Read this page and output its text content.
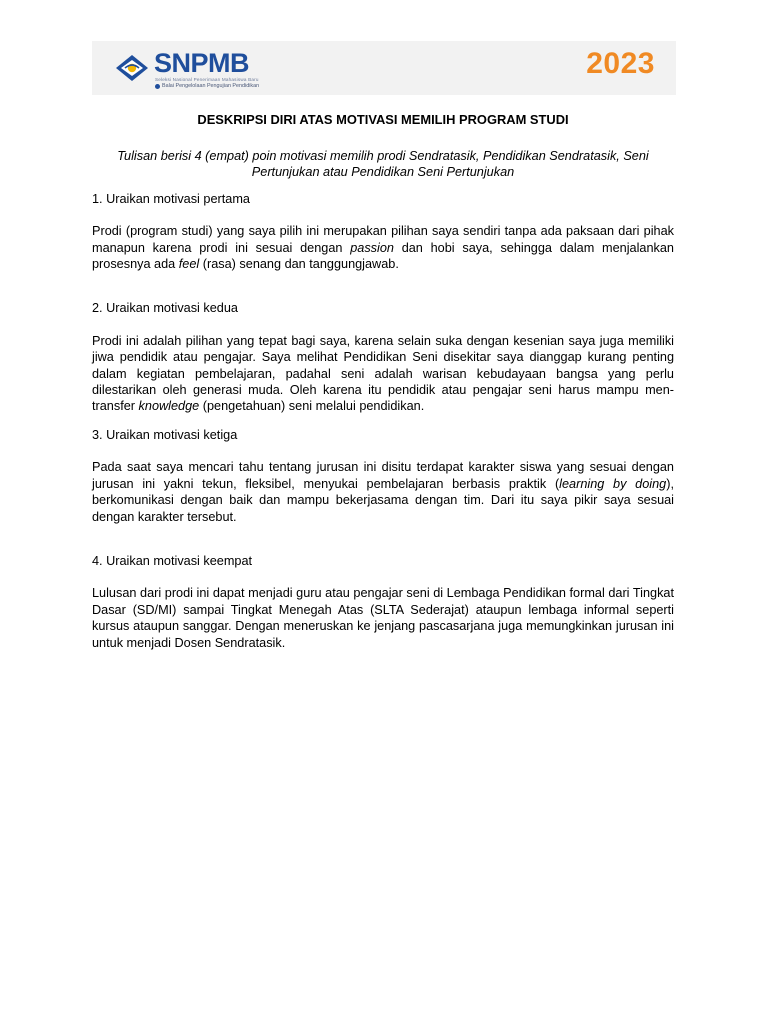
SNPMB
Seleksi Nasional Penerimaan Mahasiswa Baru
Balai Pengelolaan Pengujian Pendidikan
2023

DESKRIPSI DIRI ATAS MOTIVASI MEMILIH PROGRAM STUDI

Tulisan berisi 4 (empat) poin motivasi memilih prodi Sendratasik, Pendidikan Sendratasik, Seni Pertunjukan atau Pendidikan Seni Pertunjukan

1. Uraikan motivasi pertama

Prodi (program studi) yang saya pilih ini merupakan pilihan saya sendiri tanpa ada paksaan dari pihak manapun karena prodi ini sesuai dengan passion dan hobi saya, sehingga dalam menjalankan prosesnya ada feel (rasa) senang dan tanggungjawab.

2. Uraikan motivasi kedua

Prodi ini adalah pilihan yang tepat bagi saya, karena selain suka dengan kesenian saya juga memiliki jiwa pendidik atau pengajar. Saya melihat Pendidikan Seni disekitar saya dianggap kurang penting dalam kegiatan pembelajaran, padahal seni adalah warisan kebudayaan bangsa yang perlu dilestarikan oleh generasi muda. Oleh karena itu pendidik atau pengajar seni harus mampu men-transfer knowledge (pengetahuan) seni melalui pendidikan.

3. Uraikan motivasi ketiga

Pada saat saya mencari tahu tentang jurusan ini disitu terdapat karakter siswa yang sesuai dengan jurusan ini yakni tekun, fleksibel, menyukai pembelajaran berbasis praktik (learning by doing), berkomunikasi dengan baik dan mampu bekerjasama dengan tim. Dari itu saya pikir saya sesuai dengan karakter tersebut.

4. Uraikan motivasi keempat

Lulusan dari prodi ini dapat menjadi guru atau pengajar seni di Lembaga Pendidikan formal dari Tingkat Dasar (SD/MI) sampai Tingkat Menegah Atas (SLTA Sederajat) ataupun lembaga informal seperti kursus ataupun sanggar. Dengan meneruskan ke jenjang pascasarjana juga memungkinkan jurusan ini untuk menjadi Dosen Sendratasik.
